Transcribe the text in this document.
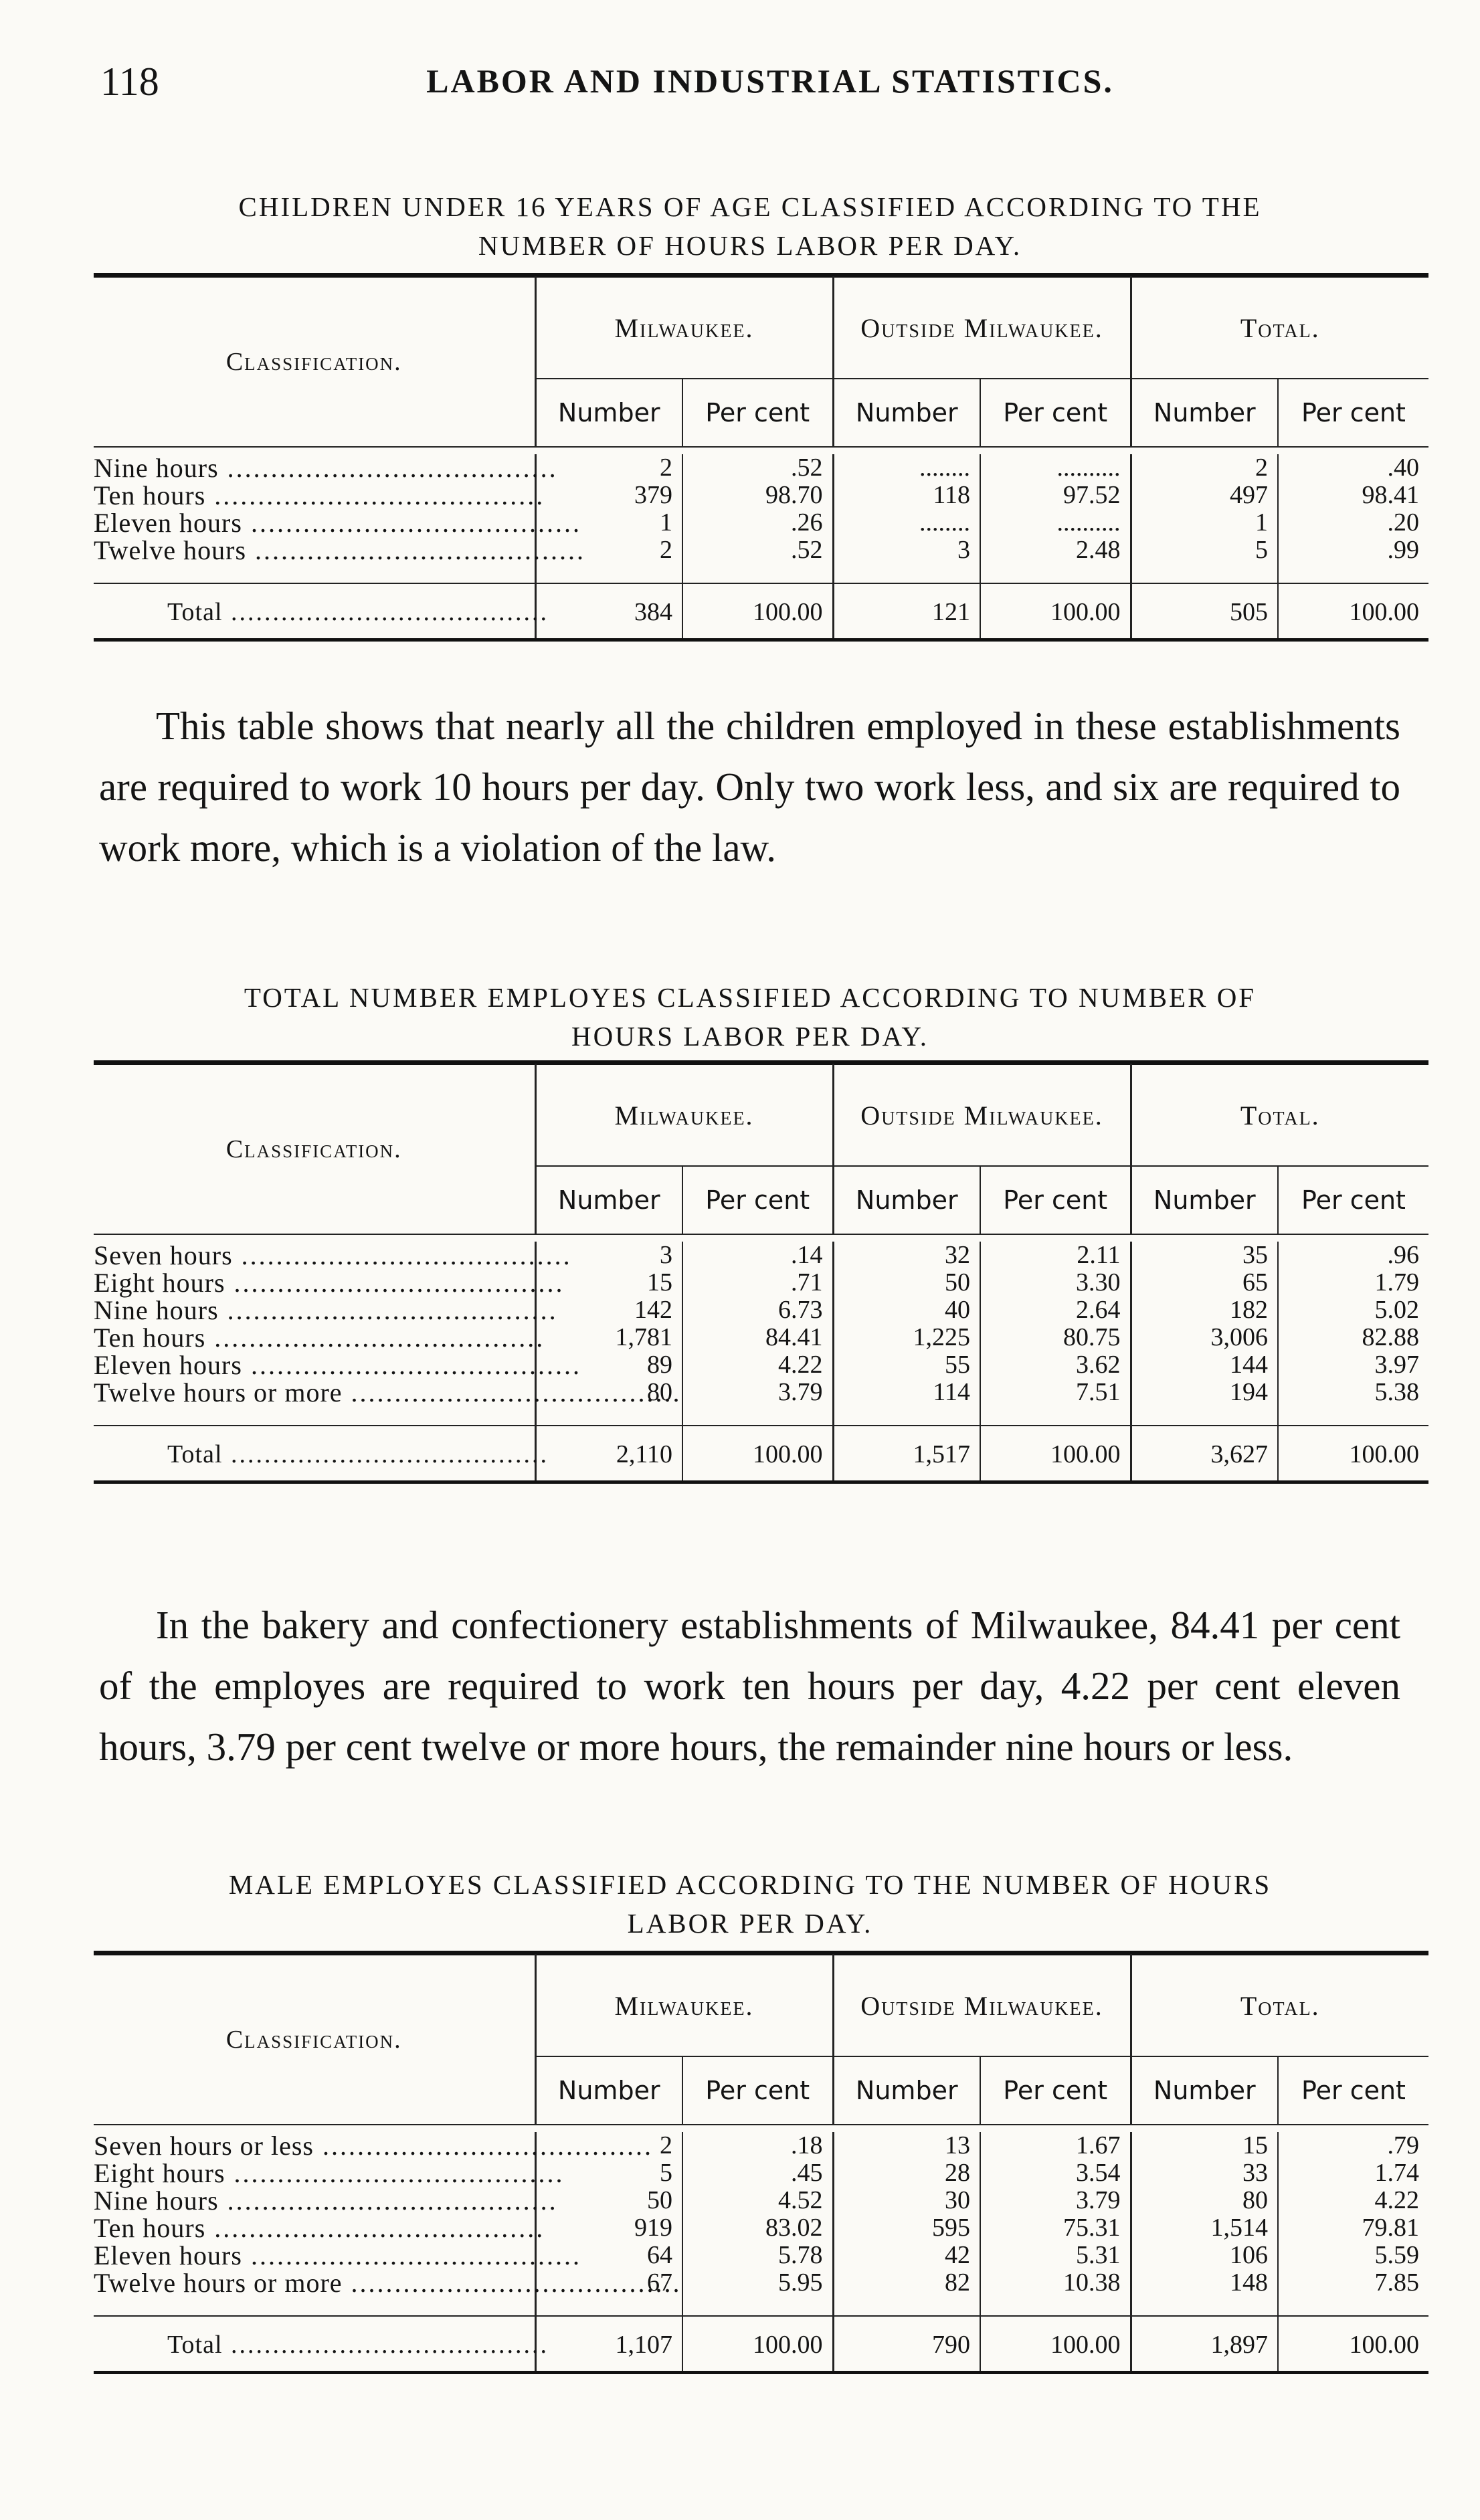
118	LABOR AND INDUSTRIAL STATISTICS.
CHILDREN UNDER 16 YEARS OF AGE CLASSIFIED ACCORDING TO THE
NUMBER OF HOURS LABOR PER DAY.

Classification.	Milwaukee.		Outside Milwaukee.		Total.	
	Number	Per cent	Number	Per cent	Number	Per cent

Nine hours .....	2	.52	........	..........	2	.40
Ten hours .....	379	98.70	118	97.52	497	98.41
Eleven hours .....	1	.26	........	..........	1	.20
Twelve hours .....	2	.52	3	2.48	5	.99

Total .....	384	100.00	121	100.00	505	100.00

This table shows that nearly all the children employed in these establishments are required to work 10 hours per day. Only two work less, and six are required to work more, which is a violation of the law.
TOTAL NUMBER EMPLOYES CLASSIFIED ACCORDING TO NUMBER OF
HOURS LABOR PER DAY.

Classification.	Milwaukee.		Outside Milwaukee.		Total.	
	Number	Per cent	Number	Per cent	Number	Per cent

Seven hours .....	3	.14	32	2.11	35	.96
Eight hours .....	15	.71	50	3.30	65	1.79
Nine hours .....	142	6.73	40	2.64	182	5.02
Ten hours .....	1,781	84.41	1,225	80.75	3,006	82.88
Eleven hours .....	89	4.22	55	3.62	144	3.97
Twelve hours or more .....	80	3.79	114	7.51	194	5.38

Total .....	2,110	100.00	1,517	100.00	3,627	100.00

In the bakery and confectionery establishments of Milwaukee, 84.41 per cent of the employes are required to work ten hours per day, 4.22 per cent eleven hours, 3.79 per cent twelve or more hours, the remainder nine hours or less.
MALE EMPLOYES CLASSIFIED ACCORDING TO THE NUMBER OF HOURS
LABOR PER DAY.

Classification.	Milwaukee.		Outside Milwaukee.		Total.	
	Number	Per cent	Number	Per cent	Number	Per cent

Seven hours or less .....	2	.18	13	1.67	15	.79
Eight hours .....	5	.45	28	3.54	33	1.74
Nine hours .....	50	4.52	30	3.79	80	4.22
Ten hours .....	919	83.02	595	75.31	1,514	79.81
Eleven hours .....	64	5.78	42	5.31	106	5.59
Twelve hours or more .....	67	5.95	82	10.38	148	7.85

Total .....	1,107	100.00	790	100.00	1,897	100.00
